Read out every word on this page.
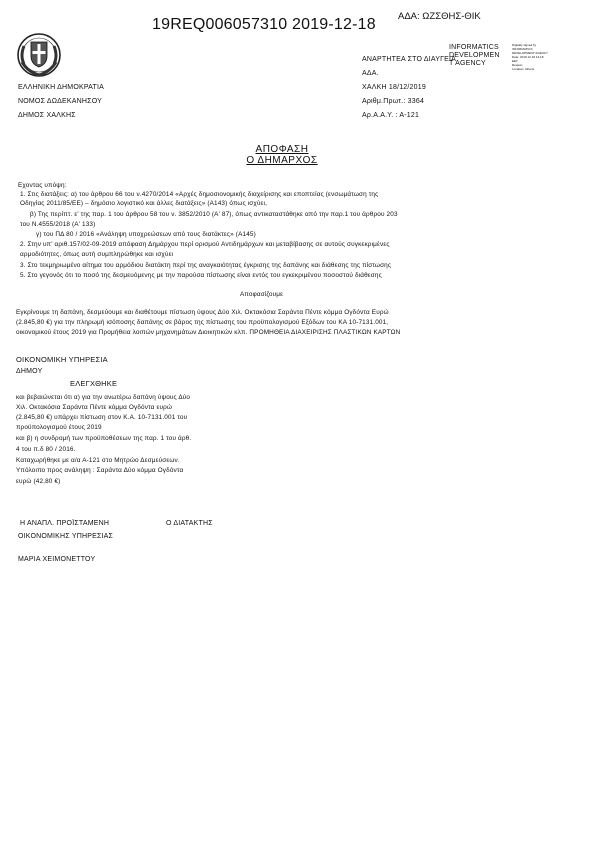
19REQ006057310 2019-12-18 ΑΔΑ: ΩΖΣΘΗΣ-ΘΙΚ
INFORMATICS
DEVELOPMEN
T AGENCY
Digitally signed by
INFORMATICS
DEVELOPMENT AGENCY
Date: 2019.12.18 13:18
EET
Reason:
Location: Athens
ΑΝΑΡΤΗΤΕΑ ΣΤΟ ΔΙΑΥΓΕΙΑ
ΑΔΑ.
ΧΑΛΚΗ 18/12/2019
Αριθμ.Πρωτ.: 3364
Αρ.Α.Α.Υ. : Α-121
ΕΛΛΗΝΙΚΗ ΔΗΜΟΚΡΑΤΙΑ
ΝΟΜΟΣ ΔΩΔΕΚΑΝΗΣΟΥ
ΔΗΜΟΣ ΧΑΛΚΗΣ
ΑΠΟΦΑΣΗ
Ο ΔΗΜΑΡΧΟΣ
Εχοντας υπόψη:
1. Στις διατάξεις: α) του άρθρου 66 του ν.4270/2014 «Αρχές δημοσιονομικής διαχείρισης και εποπτείας (ενσωμάτωση της
Οδηγίας 2011/85/ΕΕ) – δημόσιο λογιστικό και άλλες διατάξεις» (Α143) όπως ισχύει,
β) Της περίπτ. ε' της παρ. 1 του άρθρου 58 του ν. 3852/2010 (Α' 87), όπως αντικαταστάθηκε από την παρ.1 του άρθρου 203
του Ν.4555/2018 (Α' 133)
γ) του ΠΔ 80 / 2016 «Ανάληψη υποχρεώσεων από τους διατάκτες» (Α145)
2. Στην υπ' αριθ.157/02-09-2019 απόφαση Δημάρχου περί ορισμού Αντιδημάρχων και μεταβίβασης σε αυτούς συγκεκριμένες
αρμοδιότητες, όπως αυτή συμπληρώθηκε και ισχύει
3. Στο τεκμηριωμένο αίτημα του αρμόδιου διατάκτη περί της αναγκαιότητας έγκρισης της δαπάνης και διάθεσης της πίστωσης
5. Στο γεγονός ότι το ποσό της δεσμευόμενης με την παρούσα πίστωσης είναι εντός του εγκεκριμένου ποσοστού διάθεσης
Αποφασίζουμε
Εγκρίνουμε τη δαπάνη, δεσμεύουμε και διαθέτουμε πίστωση ύψους Δύο Χιλ. Οκτακόσια Σαράντα Πέντε κόμμα Ογδόντα Ευρώ
(2.845,80 €) για την πληρωμή ισόποσης δαπάνης σε βάρος της πίστωσης του προϋπολογισμού Εξόδων του ΚΑ 10-7131.001,
οικονομικού έτους 2019 για Προμήθεια λοιπών μηχανημάτων Διοικητικών κλπ. ΠΡΟΜΗΘΕΙΑ ΔΙΑΧΕΙΡΙΣΗΣ ΠΛΑΣΤΙΚΩΝ ΚΑΡΤΩΝ
ΟΙΚΟΝΟΜΙΚΗ ΥΠΗΡΕΣΙΑ
ΔΗΜΟΥ
ΕΛΕΓΧΘΗΚΕ
και βεβαιώνεται ότι α) για την ανωτέρω δαπάνη ύψους Δύο
Χιλ. Οκτακόσια Σαράντα Πέντε κόμμα Ογδόντα ευρώ
(2.845,80 €) υπάρχει πίστωση στον Κ.Α. 10-7131.001 του
προϋπολογισμού έτους 2019
και β) η συνδρομή των προϋποθέσεων της παρ. 1 του άρθ.
4 του π.δ 80 / 2016.
Καταχωρήθηκε με α/α Α-121 στο Μητρώο Δεσμεύσεων.
Υπόλοιπο προς ανάληψη : Σαράντα Δύο κόμμα Ογδόντα
ευρώ (42,80 €)
Η ΑΝΑΠΛ. ΠΡΟΪΣΤΑΜΕΝΗ
ΟΙΚΟΝΟΜΙΚΗΣ ΥΠΗΡΕΣΙΑΣ
Ο ΔΙΑΤΑΚΤΗΣ
ΜΑΡΙΑ ΧΕΙΜΟΝΕΤΤΟΥ
